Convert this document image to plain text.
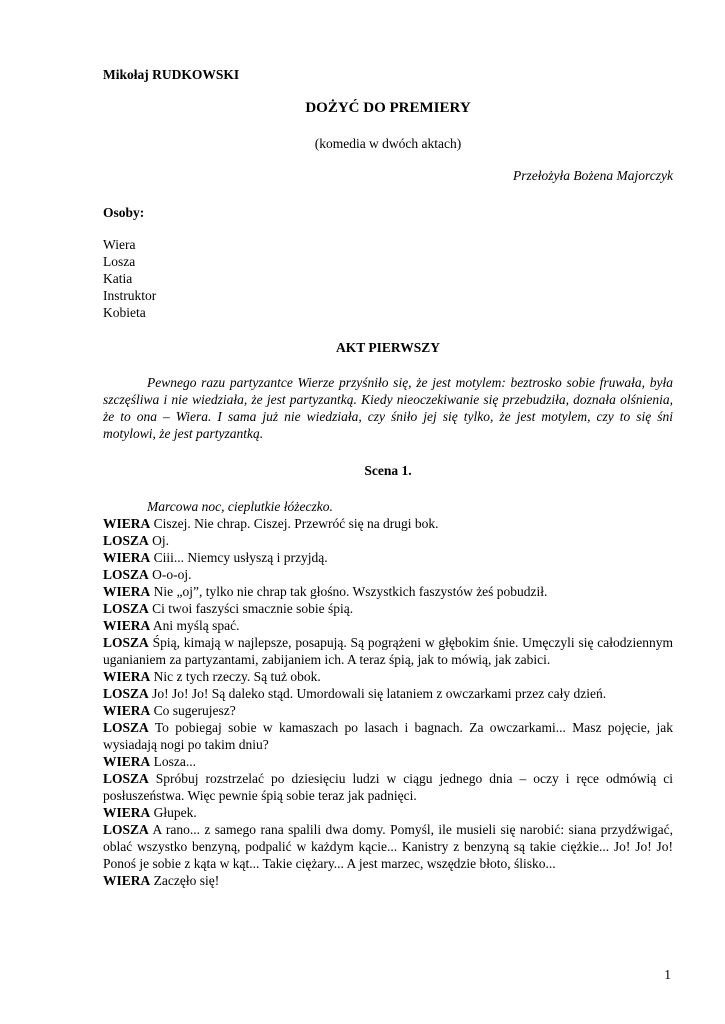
Mikołaj RUDKOWSKI

DOŻYĆ DO PREMIERY
(komedia w dwóch aktach)
Przełożyła Bożena Majorczyk
Osoby:
Wiera
Losza
Katia
Instruktor
Kobieta
AKT PIERWSZY
Pewnego razu partyzantce Wierze przyśniło się, że jest motylem: beztrosko sobie fruwała, była szczęśliwa i nie wiedziała, że jest partyzantką. Kiedy nieoczekiwanie się przebudziła, doznała olśnienia, że to ona – Wiera. I sama już nie wiedziała, czy śniło jej się tylko, że jest motylem, czy to się śni motylowi, że jest partyzantką.
Scena 1.
Marcowa noc, cieplutkie łóżeczko.
WIERA Ciszej. Nie chrap. Ciszej. Przewróć się na drugi bok.
LOSZA Oj.
WIERA Ciii... Niemcy usłyszą i przyjdą.
LOSZA O-o-oj.
WIERA Nie „oj”, tylko nie chrap tak głośno. Wszystkich faszystów żeś pobudził.
LOSZA Ci twoi faszyści smacznie sobie śpią.
WIERA Ani myślą spać.
LOSZA Śpią, kimają w najlepsze, posapują. Są pogrążeni w głębokim śnie. Umęczyli się całodziennym uganianiem za partyzantami, zabijaniem ich. A teraz śpią, jak to mówią, jak zabici.
WIERA Nic z tych rzeczy. Są tuż obok.
LOSZA Jo! Jo! Jo! Są daleko stąd. Umordowali się lataniem z owczarkami przez cały dzień.
WIERA Co sugerujesz?
LOSZA To pobiegaj sobie w kamaszach po lasach i bagnach. Za owczarkami... Masz pojęcie, jak wysiadają nogi po takim dniu?
WIERA Losza...
LOSZA Spróbuj rozstrzelać po dziesięciu ludzi w ciągu jednego dnia – oczy i ręce odmówią ci posłuszeństwa. Więc pewnie śpią sobie teraz jak padnięci.
WIERA Głupek.
LOSZA A rano... z samego rana spalili dwa domy. Pomyśl, ile musieli się narobić: siana przydźwigać, oblać wszystko benzyną, podpalić w każdym kącie... Kanistry z benzyną są takie ciężkie... Jo! Jo! Jo! Ponoś je sobie z kąta w kąt... Takie ciężary... A jest marzec, wszędzie błoto, ślisko...
WIERA Zaczęło się!
1
